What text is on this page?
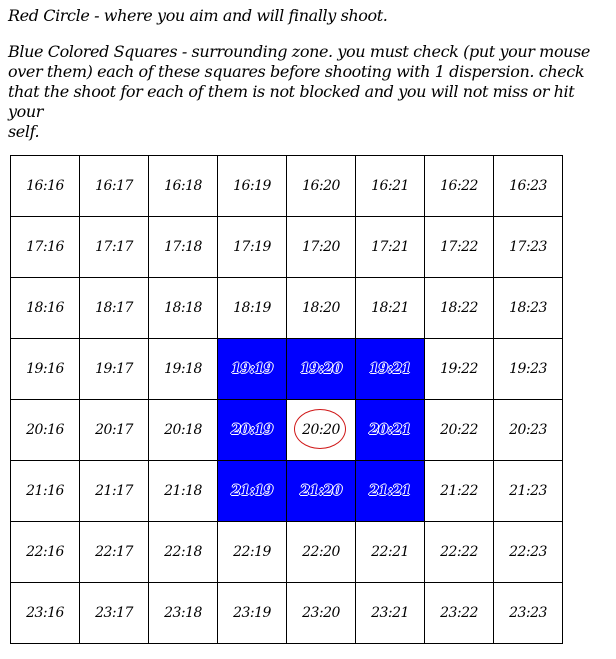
Red Circle - where you aim and will finally shoot.

Blue Colored Squares - surrounding zone. you must check (put your mouse
over them) each of these squares before shooting with 1 dispersion. check
that the shoot for each of them is not blocked and you will not miss or hit your
self.

16:16 16:17 16:18 16:19 16:20 16:21 16:22 16:23
17:16 17:17 17:18 17:19 17:20 17:21 17:22 17:23
18:16 18:17 18:18 18:19 18:20 18:21 18:22 18:23
19:16 19:17 19:18 19:19 19:20 19:21 19:22 19:23
20:16 20:17 20:18 20:19 20:20 20:21 20:22 20:23
21:16 21:17 21:18 21:19 21:20 21:21 21:22 21:23
22:16 22:17 22:18 22:19 22:20 22:21 22:22 22:23
23:16 23:17 23:18 23:19 23:20 23:21 23:22 23:23
